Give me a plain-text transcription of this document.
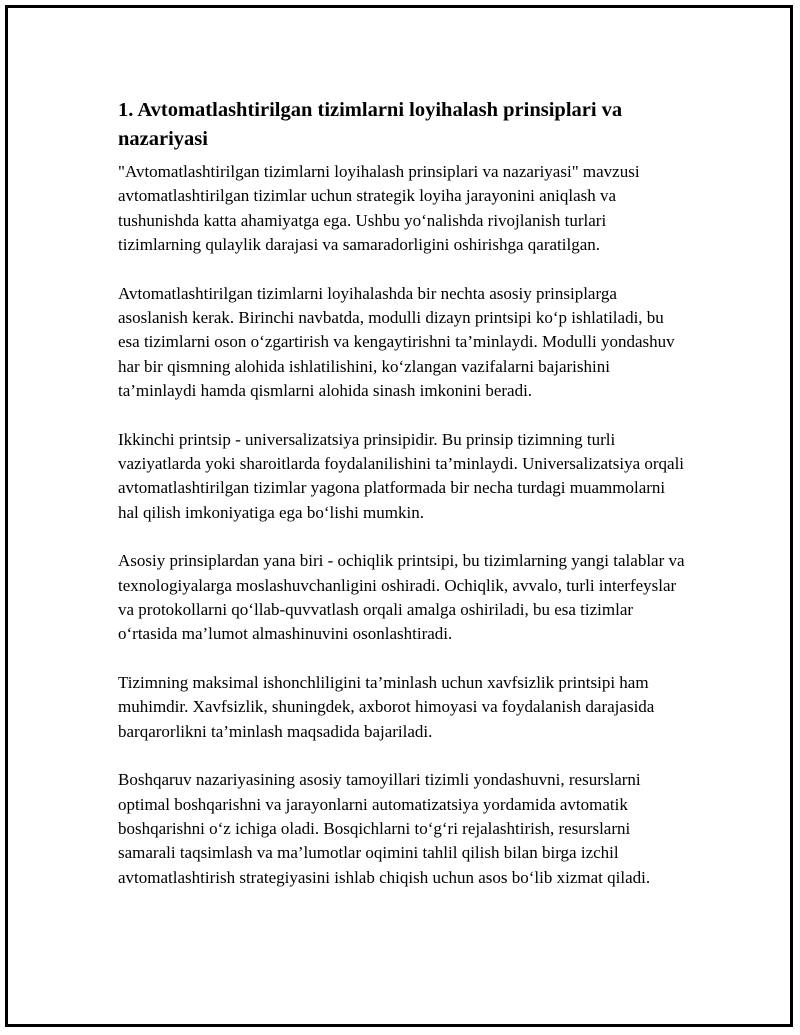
1. Avtomatlashtirilgan tizimlarni loyihalash prinsiplari va nazariyasi

"Avtomatlashtirilgan tizimlarni loyihalash prinsiplari va nazariyasi" mavzusi avtomatlashtirilgan tizimlar uchun strategik loyiha jarayonini aniqlash va tushunishda katta ahamiyatga ega. Ushbu yo‘nalishda rivojlanish turlari tizimlarning qulaylik darajasi va samaradorligini oshirishga qaratilgan.

Avtomatlashtirilgan tizimlarni loyihalashda bir nechta asosiy prinsiplarga asoslanish kerak. Birinchi navbatda, modulli dizayn printsipi ko‘p ishlatiladi, bu esa tizimlarni oson o‘zgartirish va kengaytirishni ta’minlaydi. Modulli yondashuv har bir qismning alohida ishlatilishini, ko‘zlangan vazifalarni bajarishini ta’minlaydi hamda qismlarni alohida sinash imkonini beradi.

Ikkinchi printsip - universalizatsiya prinsipidir. Bu prinsip tizimning turli vaziyatlarda yoki sharoitlarda foydalanilishini ta’minlaydi. Universalizatsiya orqali avtomatlashtirilgan tizimlar yagona platformada bir necha turdagi muammolarni hal qilish imkoniyatiga ega bo‘lishi mumkin.

Asosiy prinsiplardan yana biri - ochiqlik printsipi, bu tizimlarning yangi talablar va texnologiyalarga moslashuvchanligini oshiradi. Ochiqlik, avvalo, turli interfeyslar va protokollarni qo‘llab-quvvatlash orqali amalga oshiriladi, bu esa tizimlar o‘rtasida ma’lumot almashinuvini osonlashtiradi.

Tizimning maksimal ishonchliligini ta’minlash uchun xavfsizlik printsipi ham muhimdir. Xavfsizlik, shuningdek, axborot himoyasi va foydalanish darajasida barqarorlikni ta’minlash maqsadida bajariladi.

Boshqaruv nazariyasining asosiy tamoyillari tizimli yondashuvni, resurslarni optimal boshqarishni va jarayonlarni automatizatsiya yordamida avtomatik boshqarishni o‘z ichiga oladi. Bosqichlarni to‘g‘ri rejalashtirish, resurslarni samarali taqsimlash va ma’lumotlar oqimini tahlil qilish bilan birga izchil avtomatlashtirish strategiyasini ishlab chiqish uchun asos bo‘lib xizmat qiladi.
